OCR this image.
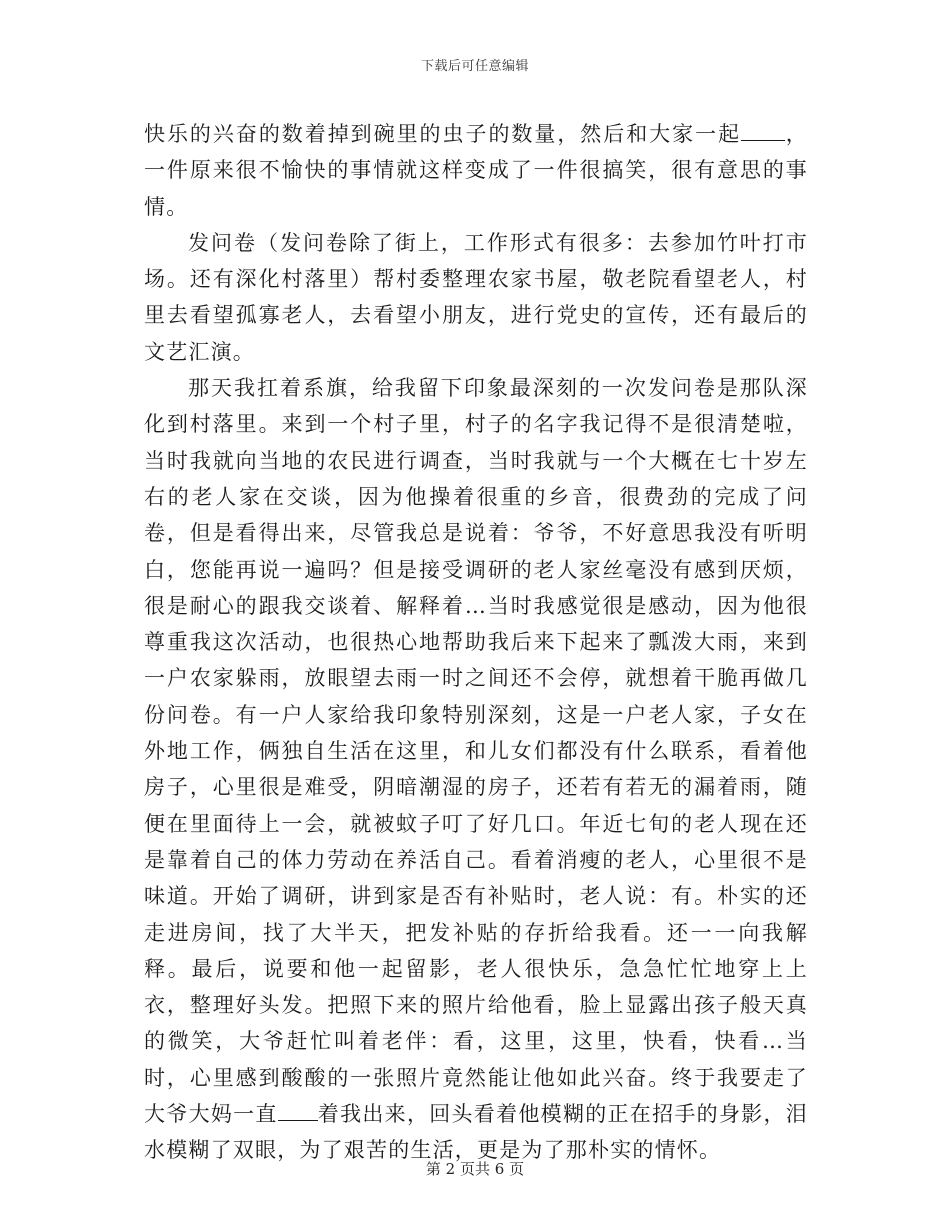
下载后可任意编辑

快乐的兴奋的数着掉到碗里的虫子的数量，然后和大家一起 ，一件原来很不愉快的事情就这样变成了一件很搞笑，很有意思的事情。

发问卷（发问卷除了街上，工作形式有很多：去参加竹叶打市场。还有深化村落里）帮村委整理农家书屋，敬老院看望老人，村里去看望孤寡老人，去看望小朋友，进行党史的宣传，还有最后的文艺汇演。

那天我扛着系旗，给我留下印象最深刻的一次发问卷是那队深化到村落里。来到一个村子里，村子的名字我记得不是很清楚啦，当时我就向当地的农民进行调查，当时我就与一个大概在七十岁左右的老人家在交谈，因为他操着很重的乡音，很费劲的完成了问卷，但是看得出来，尽管我总是说着：爷爷，不好意思我没有听明白，您能再说一遍吗？但是接受调研的老人家丝毫没有感到厌烦，很是耐心的跟我交谈着、解释着…当时我感觉很是感动，因为他很尊重我这次活动，也很热心地帮助我后来下起来了瓢泼大雨，来到一户农家躲雨，放眼望去雨一时之间还不会停，就想着干脆再做几份问卷。有一户人家给我印象特别深刻，这是一户老人家，子女在外地工作，俩独自生活在这里，和儿女们都没有什么联系，看着他房子，心里很是难受，阴暗潮湿的房子，还若有若无的漏着雨，随便在里面待上一会，就被蚊子叮了好几口。年近七旬的老人现在还是靠着自己的体力劳动在养活自己。看着消瘦的老人，心里很不是味道。开始了调研，讲到家是否有补贴时，老人说：有。朴实的还走进房间，找了大半天，把发补贴的存折给我看。还一一向我解释。最后，说要和他一起留影，老人很快乐，急急忙忙地穿上上衣，整理好头发。把照下来的照片给他看，脸上显露出孩子般天真的微笑，大爷赶忙叫着老伴：看，这里，这里，快看，快看…当时，心里感到酸酸的一张照片竟然能让他如此兴奋。终于我要走了大爷大妈一直 着我出来，回头看着他模糊的正在招手的身影，泪水模糊了双眼，为了艰苦的生活，更是为了那朴实的情怀。

第 2 页共 6 页
